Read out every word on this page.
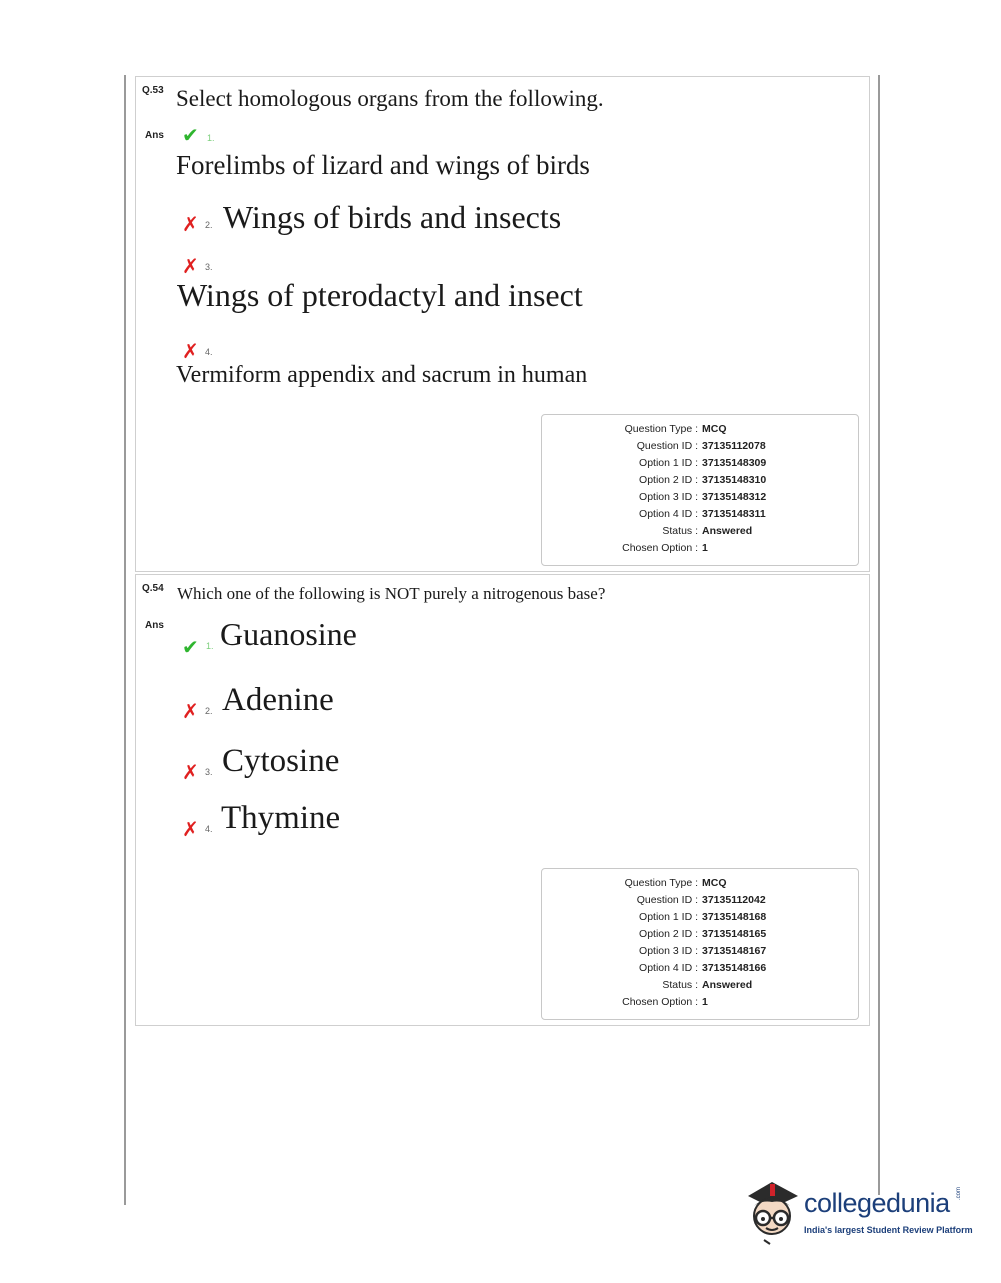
Q.53 Select homologous organs from the following.
Ans ✔ 1.
Forelimbs of lizard and wings of birds
✗ 2. Wings of birds and insects
✗ 3.
Wings of pterodactyl and insect
✗ 4.
Vermiform appendix and sacrum in human
Question Type : MCQ
Question ID : 37135112078
Option 1 ID : 37135148309
Option 2 ID : 37135148310
Option 3 ID : 37135148312
Option 4 ID : 37135148311
Status : Answered
Chosen Option : 1
Q.54 Which one of the following is NOT purely a nitrogenous base?
Ans
✔ 1. Guanosine
✗ 2. Adenine
✗ 3. Cytosine
✗ 4. Thymine
Question Type : MCQ
Question ID : 37135112042
Option 1 ID : 37135148168
Option 2 ID : 37135148165
Option 3 ID : 37135148167
Option 4 ID : 37135148166
Status : Answered
Chosen Option : 1
collegedunia .com
India's largest Student Review Platform
